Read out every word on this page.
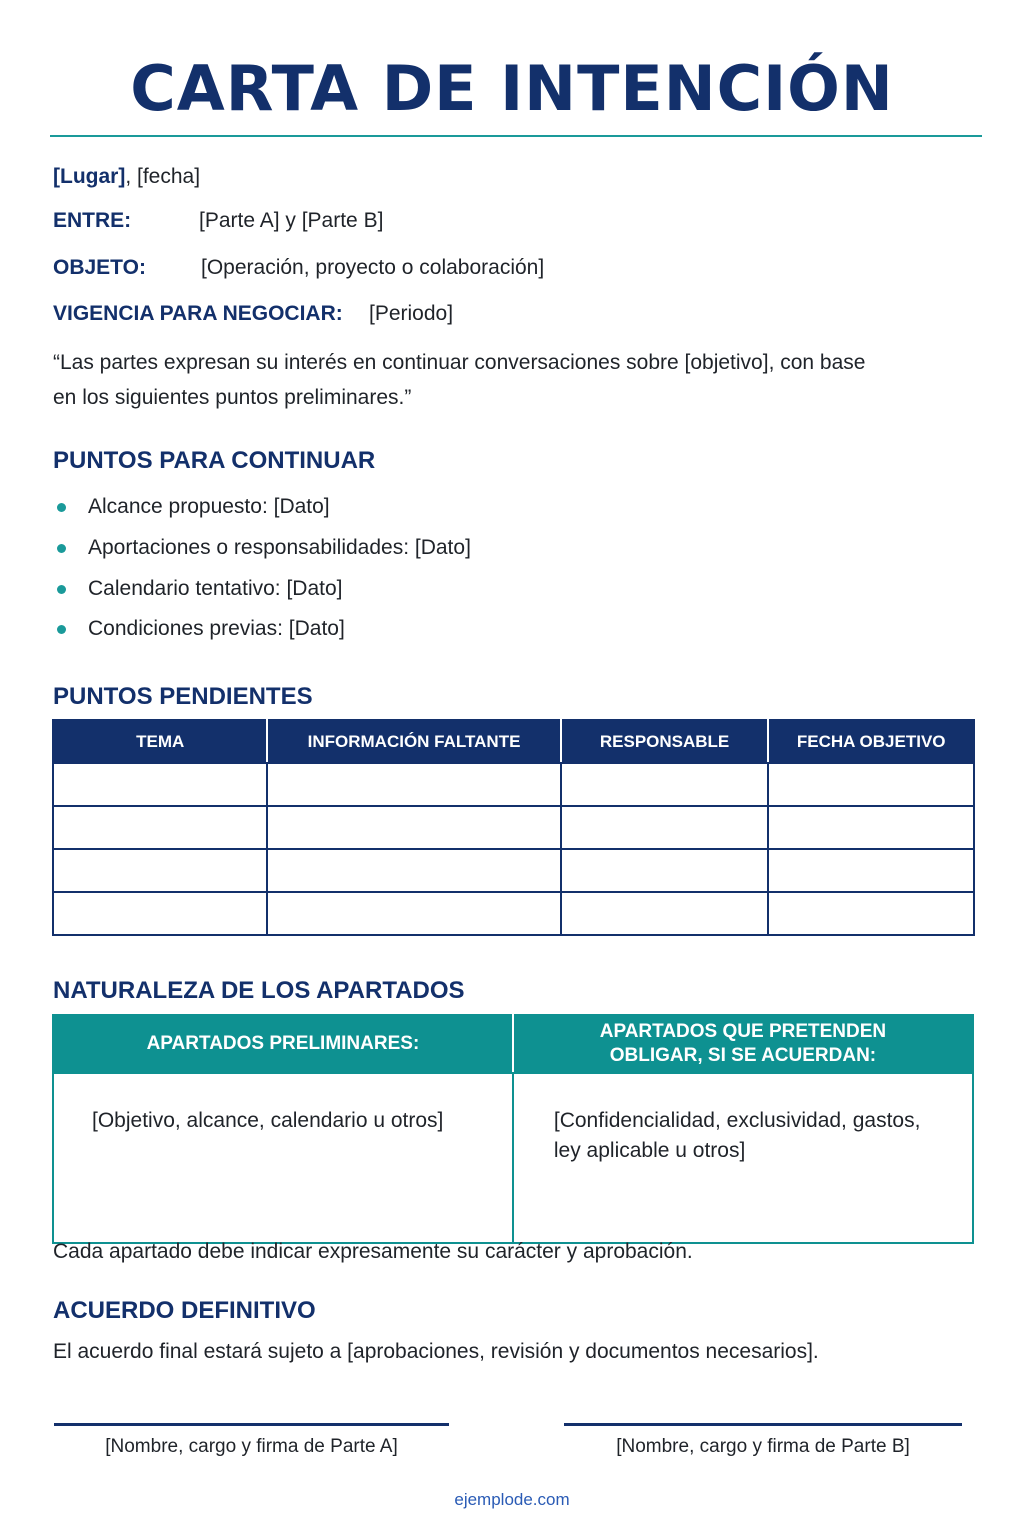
CARTA DE INTENCIÓN
[Lugar], [fecha]
ENTRE:	[Parte A] y [Parte B]
OBJETO:	[Operación, proyecto o colaboración]
VIGENCIA PARA NEGOCIAR: [Periodo]
“Las partes expresan su interés en continuar conversaciones sobre [objetivo], con base
en los siguientes puntos preliminares.”
PUNTOS PARA CONTINUAR
Alcance propuesto: [Dato]
Aportaciones o responsabilidades: [Dato]
Calendario tentativo: [Dato]
Condiciones previas: [Dato]
PUNTOS PENDIENTES
TEMA	INFORMACIÓN FALTANTE	RESPONSABLE	FECHA OBJETIVO

NATURALEZA DE LOS APARTADOS
APARTADOS PRELIMINARES:	APARTADOS QUE PRETENDEN
OBLIGAR, SI SE ACUERDAN:

[Objetivo, alcance, calendario u otros]	[Confidencialidad, exclusividad, gastos,
ley aplicable u otros]
Cada apartado debe indicar expresamente su carácter y aprobación.
ACUERDO DEFINITIVO
El acuerdo final estará sujeto a [aprobaciones, revisión y documentos necesarios].
[Nombre, cargo y firma de Parte A]	[Nombre, cargo y firma de Parte B]
ejemplode.com
